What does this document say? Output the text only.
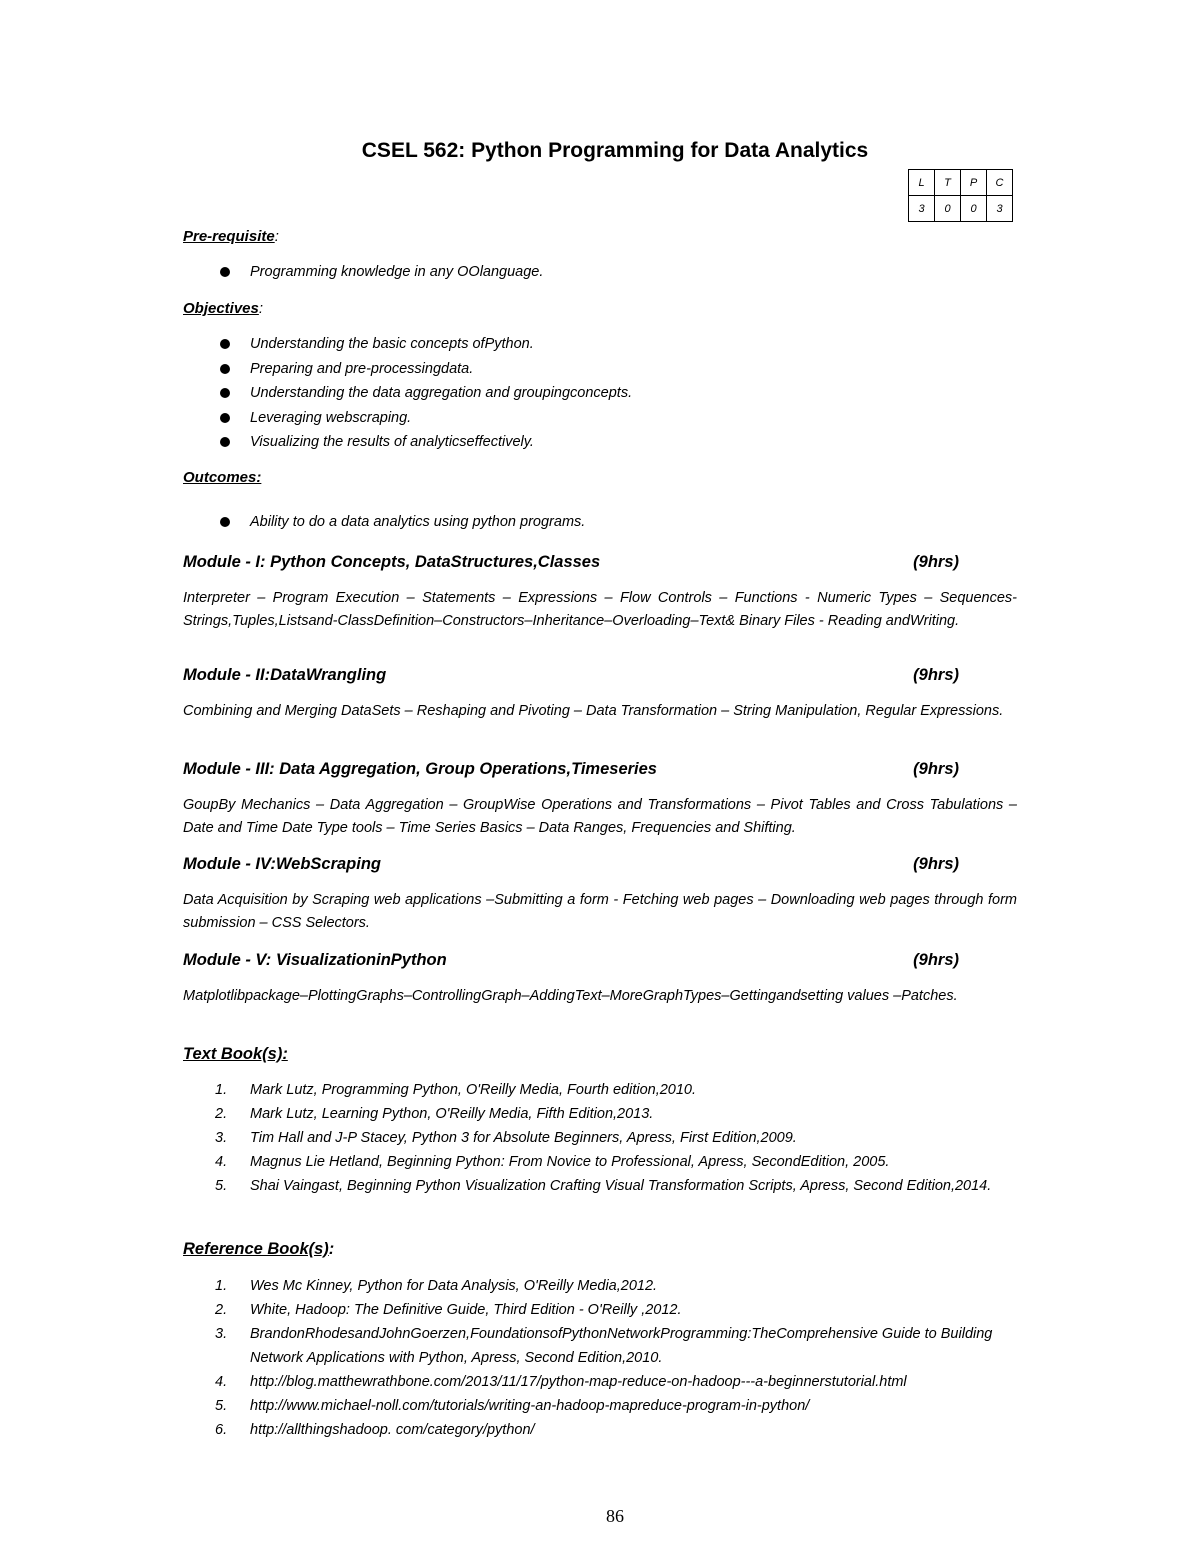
CSEL 562: Python Programming for Data Analytics
L	T	P	C
3	0	0	3
Pre-requisite:
Programming knowledge in any OOlanguage.
Objectives:
Understanding the basic concepts ofPython.
Preparing and pre-processingdata.
Understanding the data aggregation and groupingconcepts.
Leveraging webscraping.
Visualizing the results of analyticseffectively.
Outcomes:
Ability to do a data analytics using python programs.
Module - I: Python Concepts, DataStructures,Classes	(9hrs)
Interpreter – Program Execution – Statements – Expressions – Flow Controls – Functions - Numeric Types – Sequences-Strings,Tuples,Listsand-ClassDefinition–Constructors–Inheritance–Overloading–Text& Binary Files - Reading andWriting.
Module - II:DataWrangling	(9hrs)
Combining and Merging DataSets – Reshaping and Pivoting – Data Transformation – String Manipulation, Regular Expressions.
Module - III: Data Aggregation, Group Operations,Timeseries	(9hrs)
GoupBy Mechanics – Data Aggregation – GroupWise Operations and Transformations – Pivot Tables and Cross Tabulations – Date and Time Date Type tools – Time Series Basics – Data Ranges, Frequencies and Shifting.
Module - IV:WebScraping	(9hrs)
Data Acquisition by Scraping web applications –Submitting a form - Fetching web pages – Downloading web pages through form submission – CSS Selectors.
Module - V: VisualizationinPython	(9hrs)
Matplotlibpackage–PlottingGraphs–ControllingGraph–AddingText–MoreGraphTypes–Gettingandsetting values –Patches.
Text Book(s):
1. Mark Lutz, Programming Python, O'Reilly Media, Fourth edition,2010.
2. Mark Lutz, Learning Python, O'Reilly Media, Fifth Edition,2013.
3. Tim Hall and J-P Stacey, Python 3 for Absolute Beginners, Apress, First Edition,2009.
4. Magnus Lie Hetland, Beginning Python: From Novice to Professional, Apress, SecondEdition, 2005.
5. Shai Vaingast, Beginning Python Visualization Crafting Visual Transformation Scripts, Apress, Second Edition,2014.
Reference Book(s):
1. Wes Mc Kinney, Python for Data Analysis, O'Reilly Media,2012.
2. White, Hadoop: The Definitive Guide, Third Edition - O'Reilly ,2012.
3. BrandonRhodesandJohnGoerzen,FoundationsofPythonNetworkProgramming:TheComprehensive Guide to Building Network Applications with Python, Apress, Second Edition,2010.
4. http://blog.matthewrathbone.com/2013/11/17/python-map-reduce-on-hadoop---a-beginnerstutorial.html
5. http://www.michael-noll.com/tutorials/writing-an-hadoop-mapreduce-program-in-python/
6. http://allthingshadoop. com/category/python/
86
